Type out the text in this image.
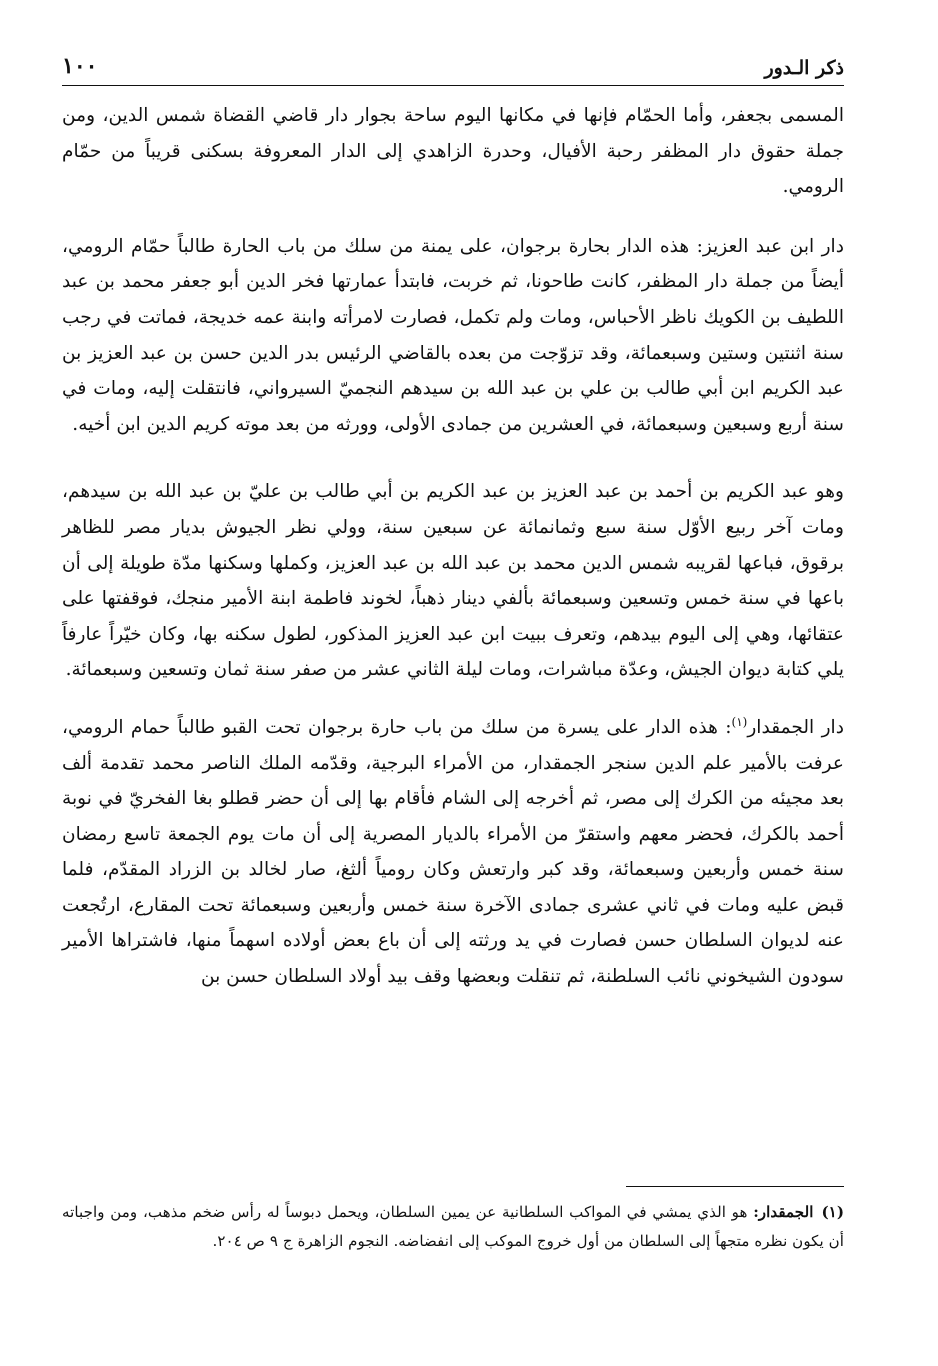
ذكر الـدور
١٠٠

المسمى بجعفر، وأما الحمّام فإنها في مكانها اليوم ساحة بجوار دار قاضي القضاة شمس الدين، ومن جملة حقوق دار المظفر رحبة الأفيال، وحدرة الزاهدي إلى الدار المعروفة بسكنى قريباً من حمّام الرومي.

دار ابن عبد العزيز: هذه الدار بحارة برجوان، على يمنة من سلك من باب الحارة طالباً حمّام الرومي، أيضاً من جملة دار المظفر، كانت طاحونا، ثم خربت، فابتدأ عمارتها فخر الدين أبو جعفر محمد بن عبد اللطيف بن الكويك ناظر الأحباس، ومات ولم تكمل، فصارت لامرأته وابنة عمه خديجة، فماتت في رجب سنة اثنتين وستين وسبعمائة، وقد تزوّجت من بعده بالقاضي الرئيس بدر الدين حسن بن عبد العزيز بن عبد الكريم ابن أبي طالب بن علي بن عبد الله بن سيدهم النجميّ السيرواني، فانتقلت إليه، ومات في سنة أربع وسبعين وسبعمائة، في العشرين من جمادى الأولى، وورثه من بعد موته كريم الدين ابن أخيه.

وهو عبد الكريم بن أحمد بن عبد العزيز بن عبد الكريم بن أبي طالب بن عليّ بن عبد الله بن سيدهم، ومات آخر ربيع الأوّل سنة سبع وثمانمائة عن سبعين سنة، وولي نظر الجيوش بديار مصر للظاهر برقوق، فباعها لقريبه شمس الدين محمد بن عبد الله بن عبد العزيز، وكملها وسكنها مدّة طويلة إلى أن باعها في سنة خمس وتسعين وسبعمائة بألفي دينار ذهباً، لخوند فاطمة ابنة الأمير منجك، فوقفتها على عتقائها، وهي إلى اليوم بيدهم، وتعرف ببيت ابن عبد العزيز المذكور، لطول سكنه بها، وكان خيّراً عارفاً يلي كتابة ديوان الجيش، وعدّة مباشرات، ومات ليلة الثاني عشر من صفر سنة ثمان وتسعين وسبعمائة.

دار الجمقدار$^{(١)}$: هذه الدار على يسرة من سلك من باب حارة برجوان تحت القبو طالباً حمام الرومي، عرفت بالأمير علم الدين سنجر الجمقدار، من الأمراء البرجية، وقدّمه الملك الناصر محمد تقدمة ألف بعد مجيئه من الكرك إلى مصر، ثم أخرجه إلى الشام فأقام بها إلى أن حضر قطلو بغا الفخريّ في نوبة أحمد بالكرك، فحضر معهم واستقرّ من الأمراء بالديار المصرية إلى أن مات يوم الجمعة تاسع رمضان سنة خمس وأربعين وسبعمائة، وقد كبر وارتعش وكان رومياً ألثغ، صار لخالد بن الزراد المقدّم، فلما قبض عليه ومات في ثاني عشرى جمادى الآخرة سنة خمس وأربعين وسبعمائة تحت المقارع، ارتُجعت عنه لديوان السلطان حسن فصارت في يد ورثته إلى أن باع بعض أولاده اسهماً منها، فاشتراها الأمير سودون الشيخوني نائب السلطنة، ثم تنقلت وبعضها وقف بيد أولاد السلطان حسن بن

(١)الجمقدار: هو الذي يمشي في المواكب السلطانية عن يمين السلطان، ويحمل دبوساً له رأس ضخم مذهب، ومن واجباته أن يكون نظره متجهاً إلى السلطان من أول خروج الموكب إلى انفضاضه. النجوم الزاهرة ج ٩ ص ٢٠٤.
